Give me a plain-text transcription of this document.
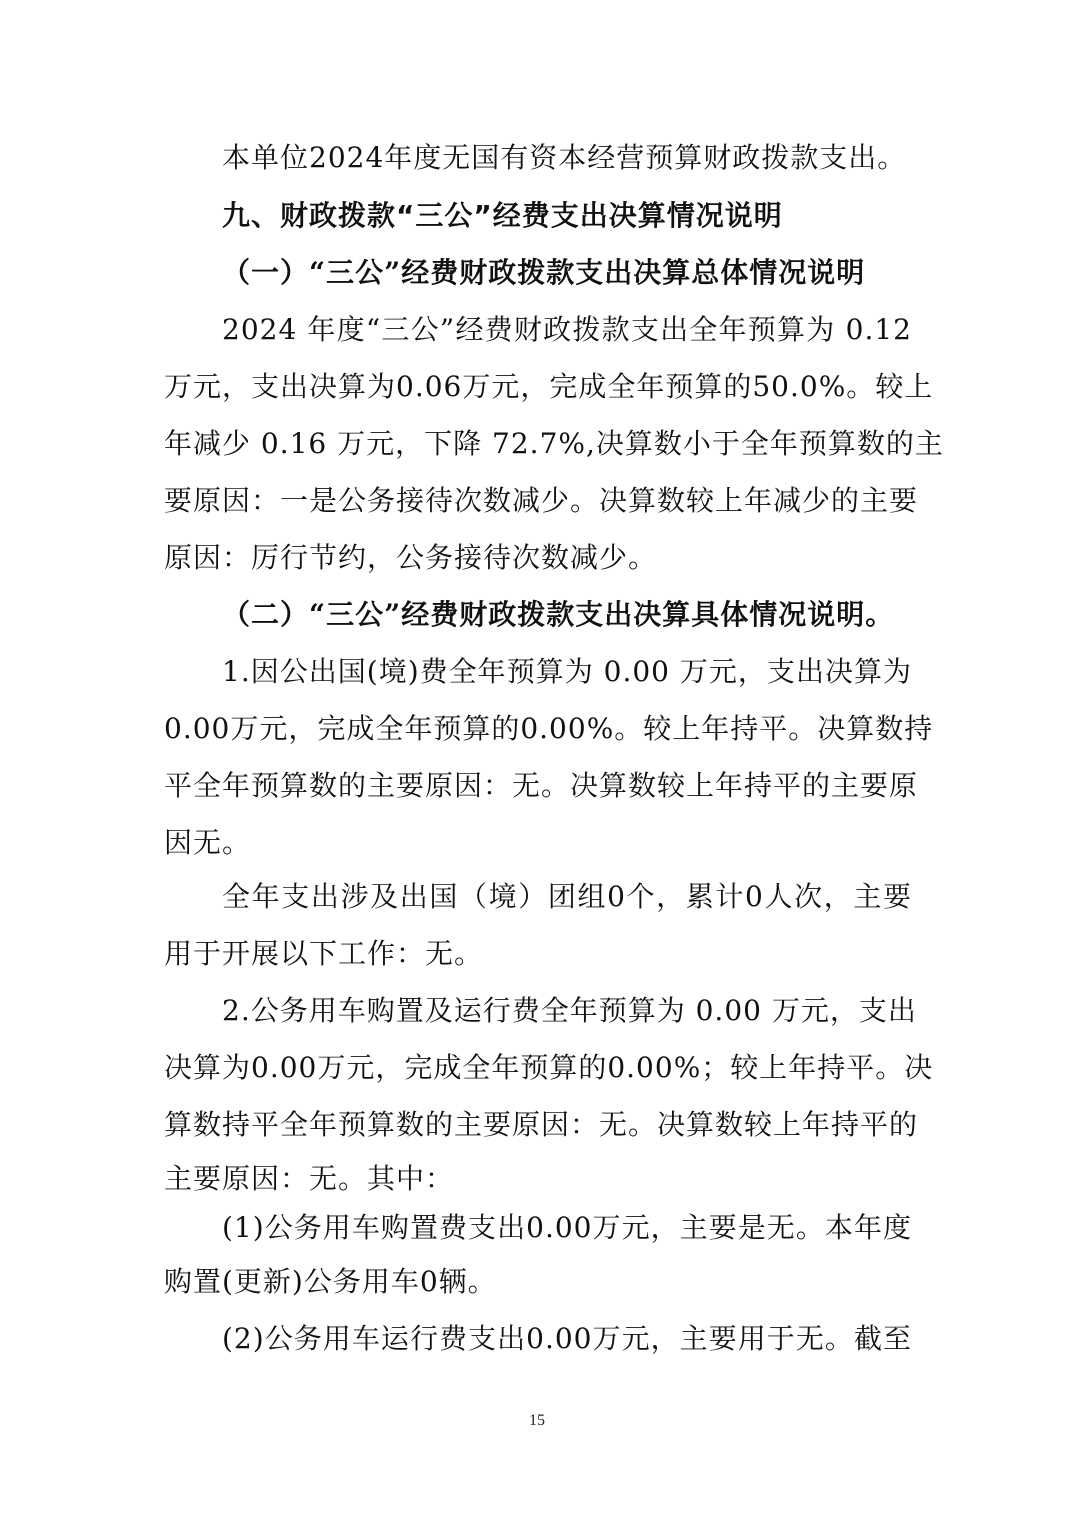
本单位2024年度无国有资本经营预算财政拨款支出。
九、财政拨款“三公”经费支出决算情况说明
（一）“三公”经费财政拨款支出决算总体情况说明
2024 年度“三公”经费财政拨款支出全年预算为 0.12
万元，支出决算为0.06万元，完成全年预算的50.0%。较上
年减少 0.16 万元，下降 72.7%,决算数小于全年预算数的主
要原因：一是公务接待次数减少。决算数较上年减少的主要
原因：厉行节约，公务接待次数减少。
（二）“三公”经费财政拨款支出决算具体情况说明。
1.因公出国(境)费全年预算为 0.00 万元，支出决算为
0.00万元，完成全年预算的0.00%。较上年持平。决算数持
平全年预算数的主要原因：无。决算数较上年持平的主要原
因无。
全年支出涉及出国（境）团组0个，累计0人次，主要
用于开展以下工作：无。
2.公务用车购置及运行费全年预算为 0.00 万元，支出
决算为0.00万元，完成全年预算的0.00%；较上年持平。决
算数持平全年预算数的主要原因：无。决算数较上年持平的
主要原因：无。其中：
(1)公务用车购置费支出0.00万元，主要是无。本年度
购置(更新)公务用车0辆。
(2)公务用车运行费支出0.00万元，主要用于无。截至
15
